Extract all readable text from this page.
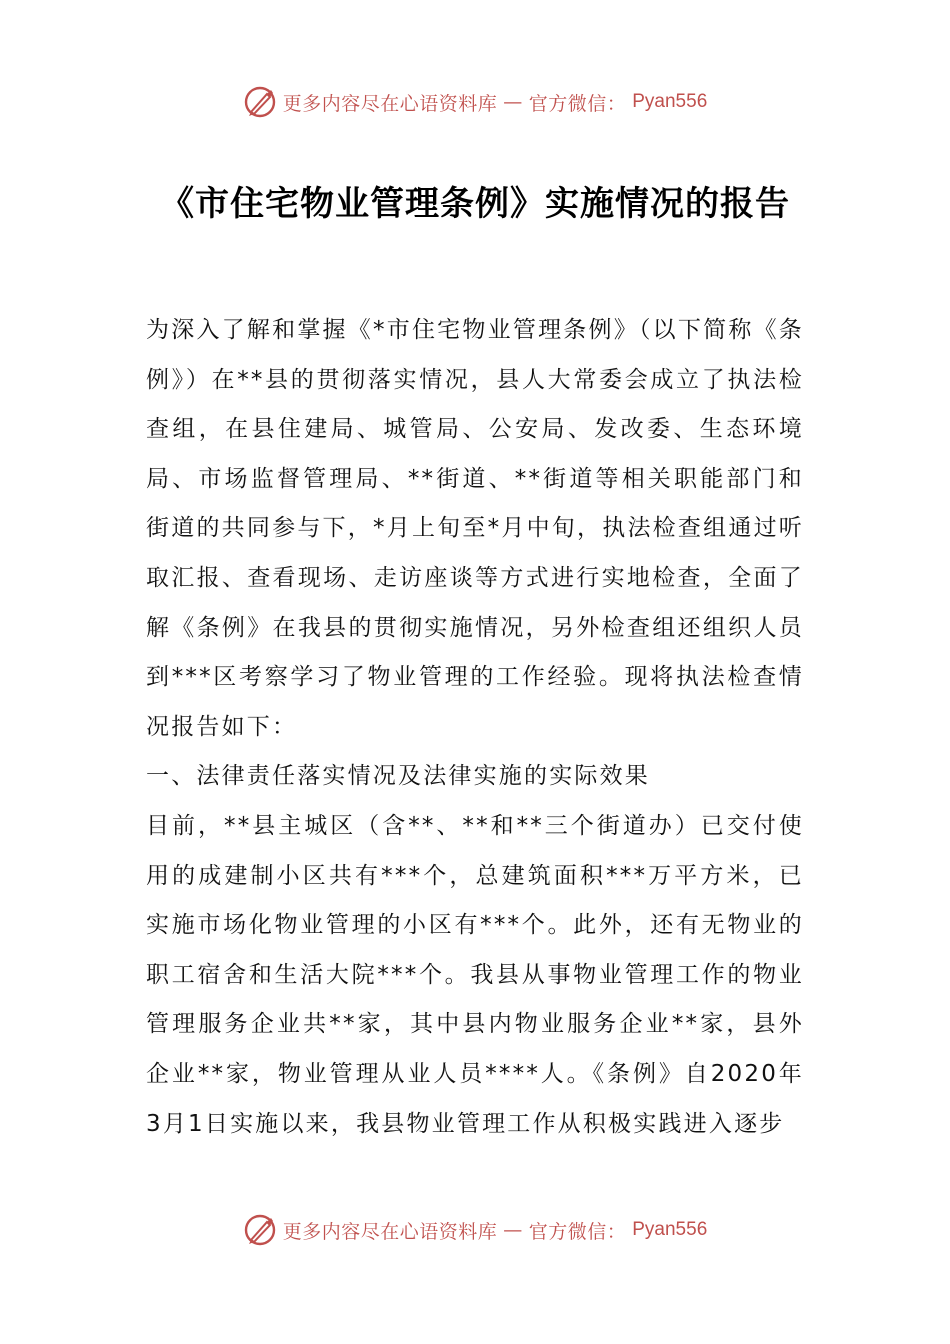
更多内容尽在心语资料库 — 官方微信： Pyan556
《市住宅物业管理条例》实施情况的报告

为深入了解和掌握《*市住宅物业管理条例》（以下简称《条例》）在**县的贯彻落实情况，县人大常委会成立了执法检查组，在县住建局、城管局、公安局、发改委、生态环境局、市场监督管理局、**街道、**街道等相关职能部门和街道的共同参与下，*月上旬至*月中旬，执法检查组通过听取汇报、查看现场、走访座谈等方式进行实地检查，全面了解《条例》在我县的贯彻实施情况，另外检查组还组织人员到***区考察学习了物业管理的工作经验。现将执法检查情况报告如下：

一、法律责任落实情况及法律实施的实际效果

目前，**县主城区（含**、**和**三个街道办）已交付使用的成建制小区共有***个，总建筑面积***万平方米，已实施市场化物业管理的小区有***个。此外，还有无物业的职工宿舍和生活大院***个。我县从事物业管理工作的物业管理服务企业共**家，其中县内物业服务企业**家，县外企业**家，物业管理从业人员****人。《条例》自2020年3月1日实施以来，我县物业管理工作从积极实践进入逐步

更多内容尽在心语资料库 — 官方微信： Pyan556
